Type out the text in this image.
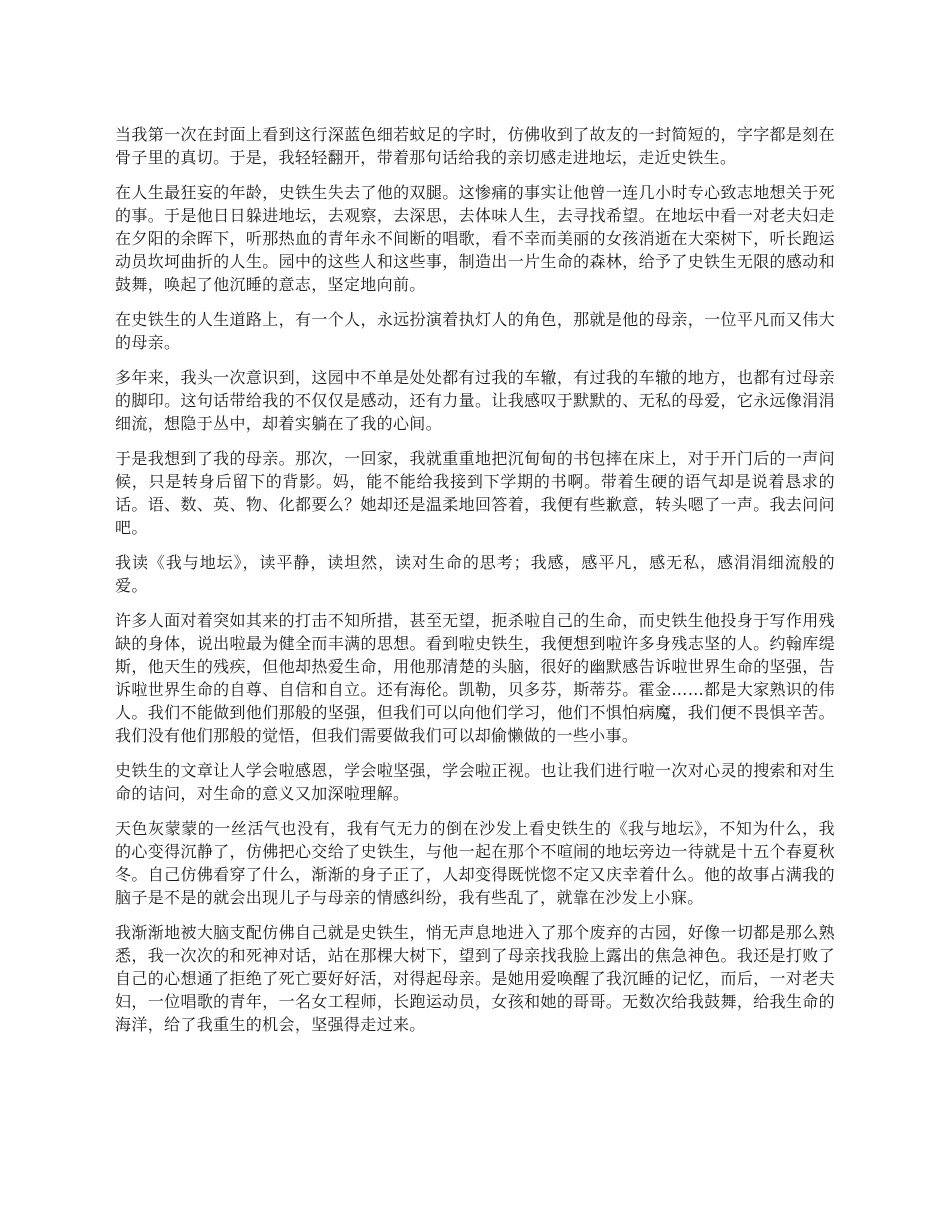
当我第一次在封面上看到这行深蓝色细若蚊足的字时，仿佛收到了故友的一封简短的，字字都是刻在骨子里的真切。于是，我轻轻翻开，带着那句话给我的亲切感走进地坛，走近史铁生。

在人生最狂妄的年龄，史铁生失去了他的双腿。这惨痛的事实让他曾一连几小时专心致志地想关于死的事。于是他日日躲进地坛，去观察，去深思，去体味人生，去寻找希望。在地坛中看一对老夫妇走在夕阳的余晖下，听那热血的青年永不间断的唱歌，看不幸而美丽的女孩消逝在大栾树下，听长跑运动员坎坷曲折的人生。园中的这些人和这些事，制造出一片生命的森林，给予了史铁生无限的感动和鼓舞，唤起了他沉睡的意志，坚定地向前。

在史铁生的人生道路上，有一个人，永远扮演着执灯人的角色，那就是他的母亲，一位平凡而又伟大的母亲。

多年来，我头一次意识到，这园中不单是处处都有过我的车辙，有过我的车辙的地方，也都有过母亲的脚印。这句话带给我的不仅仅是感动，还有力量。让我感叹于默默的、无私的母爱，它永远像涓涓细流，想隐于丛中，却着实躺在了我的心间。

于是我想到了我的母亲。那次，一回家，我就重重地把沉甸甸的书包摔在床上，对于开门后的一声问候，只是转身后留下的背影。妈，能不能给我接到下学期的书啊。带着生硬的语气却是说着恳求的话。语、数、英、物、化都要么？她却还是温柔地回答着，我便有些歉意，转头嗯了一声。我去问问吧。

我读《我与地坛》，读平静，读坦然，读对生命的思考；我感，感平凡，感无私，感涓涓细流般的爱。

许多人面对着突如其来的打击不知所措，甚至无望，扼杀啦自己的生命，而史铁生他投身于写作用残缺的身体，说出啦最为健全而丰满的思想。看到啦史铁生，我便想到啦许多身残志坚的人。约翰库缇斯，他天生的残疾，但他却热爱生命，用他那清楚的头脑，很好的幽默感告诉啦世界生命的坚强，告诉啦世界生命的自尊、自信和自立。还有海伦。凯勒，贝多芬，斯蒂芬。霍金……都是大家熟识的伟人。我们不能做到他们那般的坚强，但我们可以向他们学习，他们不惧怕病魔，我们便不畏惧辛苦。我们没有他们那般的觉悟，但我们需要做我们可以却偷懒做的一些小事。

史铁生的文章让人学会啦感恩，学会啦坚强，学会啦正视。也让我们进行啦一次对心灵的搜索和对生命的诘问，对生命的意义又加深啦理解。

天色灰蒙蒙的一丝活气也没有，我有气无力的倒在沙发上看史铁生的《我与地坛》，不知为什么，我的心变得沉静了，仿佛把心交给了史铁生，与他一起在那个不喧闹的地坛旁边一待就是十五个春夏秋冬。自己仿佛看穿了什么，渐渐的身子正了，人却变得既恍惚不定又庆幸着什么。他的故事占满我的脑子是不是的就会出现儿子与母亲的情感纠纷，我有些乱了，就靠在沙发上小寐。

我渐渐地被大脑支配仿佛自己就是史铁生，悄无声息地进入了那个废弃的古园，好像一切都是那么熟悉，我一次次的和死神对话，站在那棵大树下，望到了母亲找我脸上露出的焦急神色。我还是打败了自己的心想通了拒绝了死亡要好好活，对得起母亲。是她用爱唤醒了我沉睡的记忆，而后，一对老夫妇，一位唱歌的青年，一名女工程师，长跑运动员，女孩和她的哥哥。无数次给我鼓舞，给我生命的海洋，给了我重生的机会，坚强得走过来。
